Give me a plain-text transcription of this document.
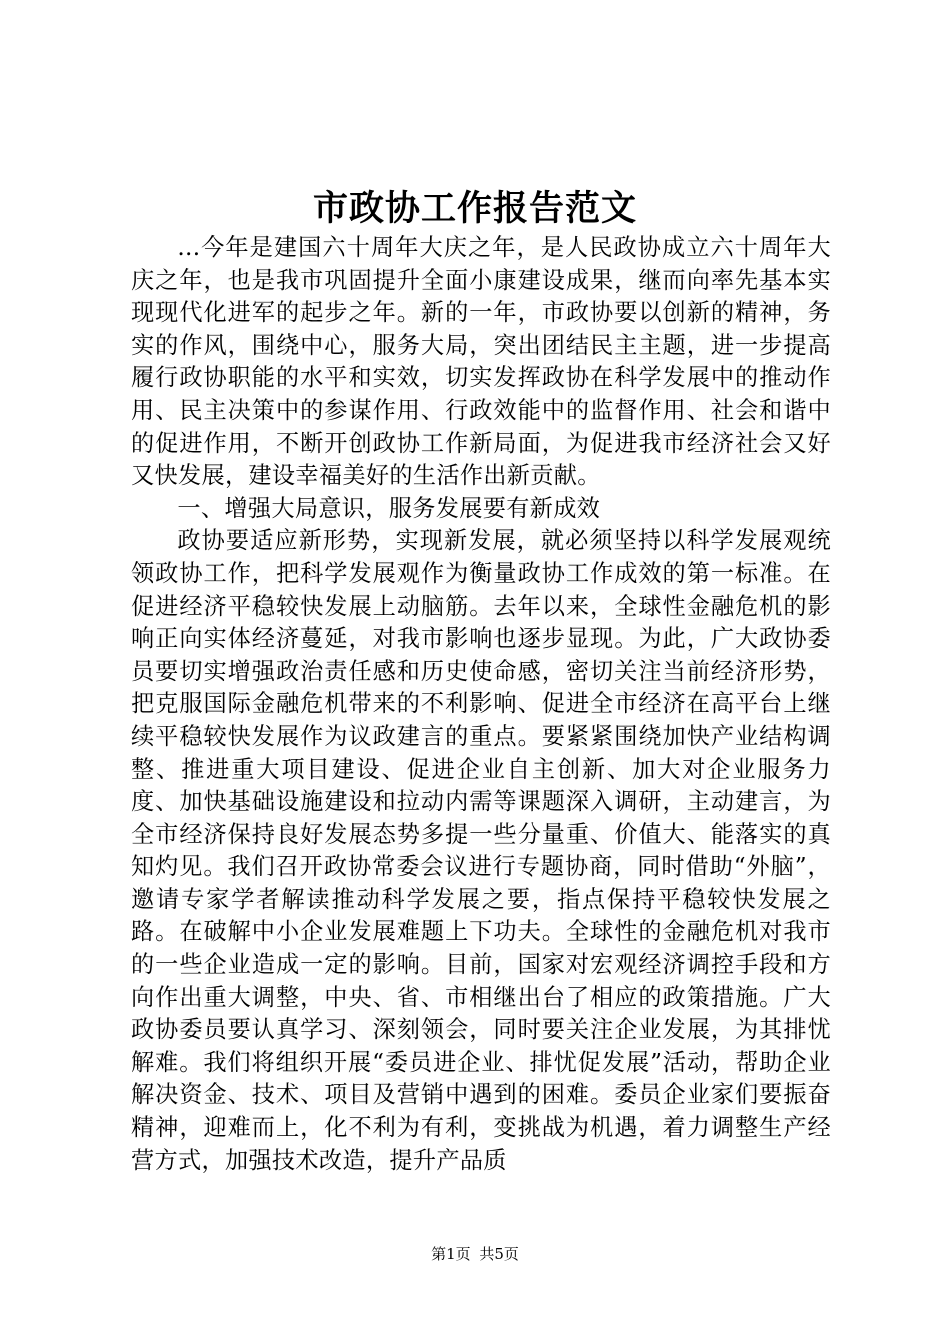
市政协工作报告范文

...今年是建国六十周年大庆之年，是人民政协成立六十周年大庆之年，也是我市巩固提升全面小康建设成果，继而向率先基本实现现代化进军的起步之年。新的一年，市政协要以创新的精神，务实的作风，围绕中心，服务大局，突出团结民主主题，进一步提高履行政协职能的水平和实效，切实发挥政协在科学发展中的推动作用、民主决策中的参谋作用、行政效能中的监督作用、社会和谐中的促进作用，不断开创政协工作新局面，为促进我市经济社会又好又快发展，建设幸福美好的生活作出新贡献。

一、增强大局意识，服务发展要有新成效

政协要适应新形势，实现新发展，就必须坚持以科学发展观统领政协工作，把科学发展观作为衡量政协工作成效的第一标准。在促进经济平稳较快发展上动脑筋。去年以来，全球性金融危机的影响正向实体经济蔓延，对我市影响也逐步显现。为此，广大政协委员要切实增强政治责任感和历史使命感，密切关注当前经济形势，把克服国际金融危机带来的不利影响、促进全市经济在高平台上继续平稳较快发展作为议政建言的重点。要紧紧围绕加快产业结构调整、推进重大项目建设、促进企业自主创新、加大对企业服务力度、加快基础设施建设和拉动内需等课题深入调研，主动建言，为全市经济保持良好发展态势多提一些分量重、价值大、能落实的真知灼见。我们召开政协常委会议进行专题协商，同时借助“外脑”，邀请专家学者解读推动科学发展之要，指点保持平稳较快发展之路。在破解中小企业发展难题上下功夫。全球性的金融危机对我市的一些企业造成一定的影响。目前，国家对宏观经济调控手段和方向作出重大调整，中央、省、市相继出台了相应的政策措施。广大政协委员要认真学习、深刻领会，同时要关注企业发展，为其排忧解难。我们将组织开展“委员进企业、排忧促发展”活动，帮助企业解决资金、技术、项目及营销中遇到的困难。委员企业家们要振奋精神，迎难而上，化不利为有利，变挑战为机遇，着力调整生产经营方式，加强技术改造，提升产品质

第1页 共5页
